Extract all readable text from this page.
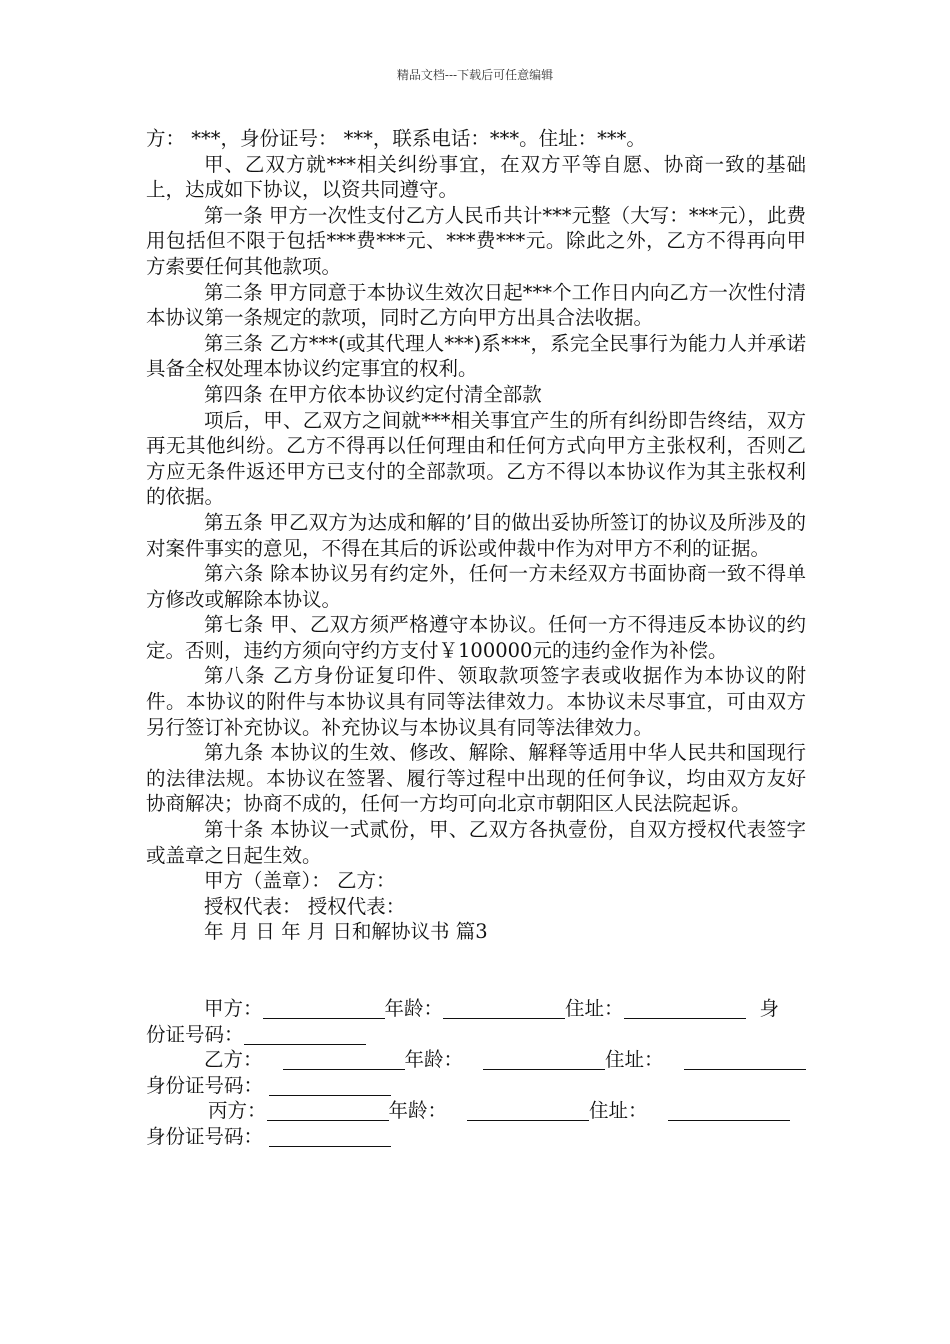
精品文档---下载后可任意编辑

方： ***，身份证号： ***，联系电话：***。住址：***。

甲、乙双方就***相关纠纷事宜，在双方平等自愿、协商一致的基础上，达成如下协议，以资共同遵守。

第一条 甲方一次性支付乙方人民币共计***元整（大写：***元），此费用包括但不限于包括***费***元、***费***元。除此之外，乙方不得再向甲方索要任何其他款项。

第二条 甲方同意于本协议生效次日起***个工作日内向乙方一次性付清本协议第一条规定的款项，同时乙方向甲方出具合法收据。

第三条 乙方***(或其代理人***)系***，系完全民事行为能力人并承诺具备全权处理本协议约定事宜的权利。

第四条 在甲方依本协议约定付清全部款

项后，甲、乙双方之间就***相关事宜产生的所有纠纷即告终结，双方再无其他纠纷。乙方不得再以任何理由和任何方式向甲方主张权利，否则乙方应无条件返还甲方已支付的全部款项。乙方不得以本协议作为其主张权利的依据。

第五条 甲乙双方为达成和解的’目的做出妥协所签订的协议及所涉及的对案件事实的意见，不得在其后的诉讼或仲裁中作为对甲方不利的证据。

第六条 除本协议另有约定外，任何一方未经双方书面协商一致不得单方修改或解除本协议。

第七条 甲、乙双方须严格遵守本协议。任何一方不得违反本协议的约定。否则，违约方须向守约方支付￥100000元的违约金作为补偿。

第八条 乙方身份证复印件、领取款项签字表或收据作为本协议的附件。本协议的附件与本协议具有同等法律效力。本协议未尽事宜，可由双方另行签订补充协议。补充协议与本协议具有同等法律效力。

第九条 本协议的生效、修改、解除、解释等适用中华人民共和国现行的法律法规。本协议在签署、履行等过程中出现的任何争议，均由双方友好协商解决；协商不成的，任何一方均可向北京市朝阳区人民法院起诉。

第十条 本协议一式贰份，甲、乙双方各执壹份，自双方授权代表签字或盖章之日起生效。

甲方（盖章）： 乙方：

授权代表： 授权代表：

年 月 日 年 月 日和解协议书 篇3

甲方：	年龄：	住址：	身

份证号码：

乙方：	年龄：	住址：

身份证号码：

丙方：	年龄：	住址：

身份证号码：
